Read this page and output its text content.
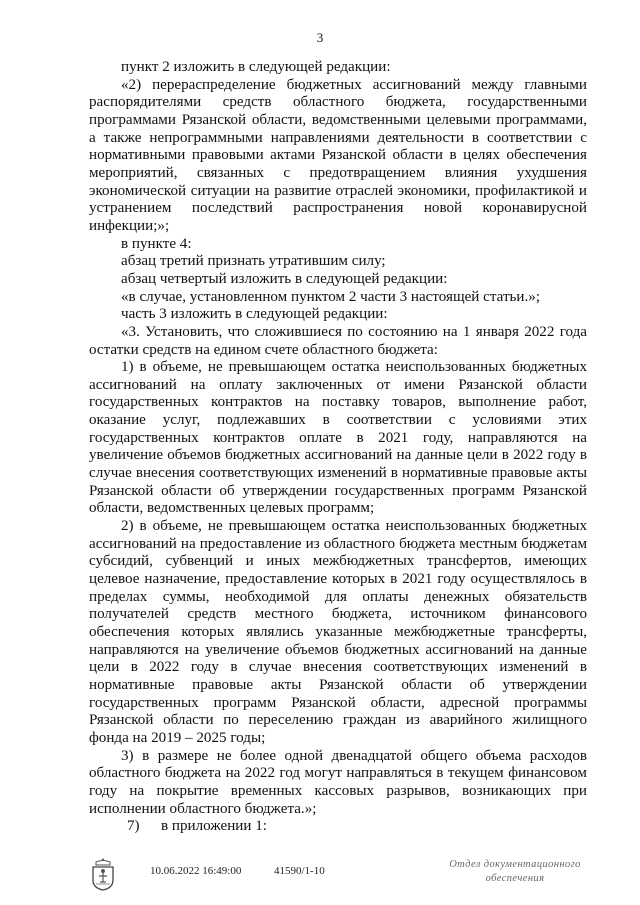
3

пункт 2 изложить в следующей редакции:

«2) перераспределение бюджетных ассигнований между главными распорядителями средств областного бюджета, государственными программами Рязанской области, ведомственными целевыми программами, а также непрограммными направлениями деятельности в соответствии с нормативными правовыми актами Рязанской области в целях обеспечения мероприятий, связанных с предотвращением влияния ухудшения экономической ситуации на развитие отраслей экономики, профилактикой и устранением последствий распространения новой коронавирусной инфекции;»;

в пункте 4:

абзац третий признать утратившим силу;

абзац четвертый изложить в следующей редакции:

«в случае, установленном пунктом 2 части 3 настоящей статьи.»;

часть 3 изложить в следующей редакции:

«3. Установить, что сложившиеся по состоянию на 1 января 2022 года остатки средств на едином счете областного бюджета:

1) в объеме, не превышающем остатка неиспользованных бюджетных ассигнований на оплату заключенных от имени Рязанской области государственных контрактов на поставку товаров, выполнение работ, оказание услуг, подлежавших в соответствии с условиями этих государственных контрактов оплате в 2021 году, направляются на увеличение объемов бюджетных ассигнований на данные цели в 2022 году в случае внесения соответствующих изменений в нормативные правовые акты Рязанской области об утверждении государственных программ Рязанской области, ведомственных целевых программ;

2) в объеме, не превышающем остатка неиспользованных бюджетных ассигнований на предоставление из областного бюджета местным бюджетам субсидий, субвенций и иных межбюджетных трансфертов, имеющих целевое назначение, предоставление которых в 2021 году осуществлялось в пределах суммы, необходимой для оплаты денежных обязательств получателей средств местного бюджета, источником финансового обеспечения которых являлись указанные межбюджетные трансферты, направляются на увеличение объемов бюджетных ассигнований на данные цели в 2022 году в случае внесения соответствующих изменений в нормативные правовые акты Рязанской области об утверждении государственных программ Рязанской области, адресной программы Рязанской области по переселению граждан из аварийного жилищного фонда на 2019 – 2025 годы;

3) в размере не более одной двенадцатой общего объема расходов областного бюджета на 2022 год могут направляться в текущем финансовом году на покрытие временных кассовых разрывов, возникающих при исполнении областного бюджета.»;

7) в приложении 1:

10.06.2022 16:49:00	41590/1-10
Отдел документационного
обеспечения
